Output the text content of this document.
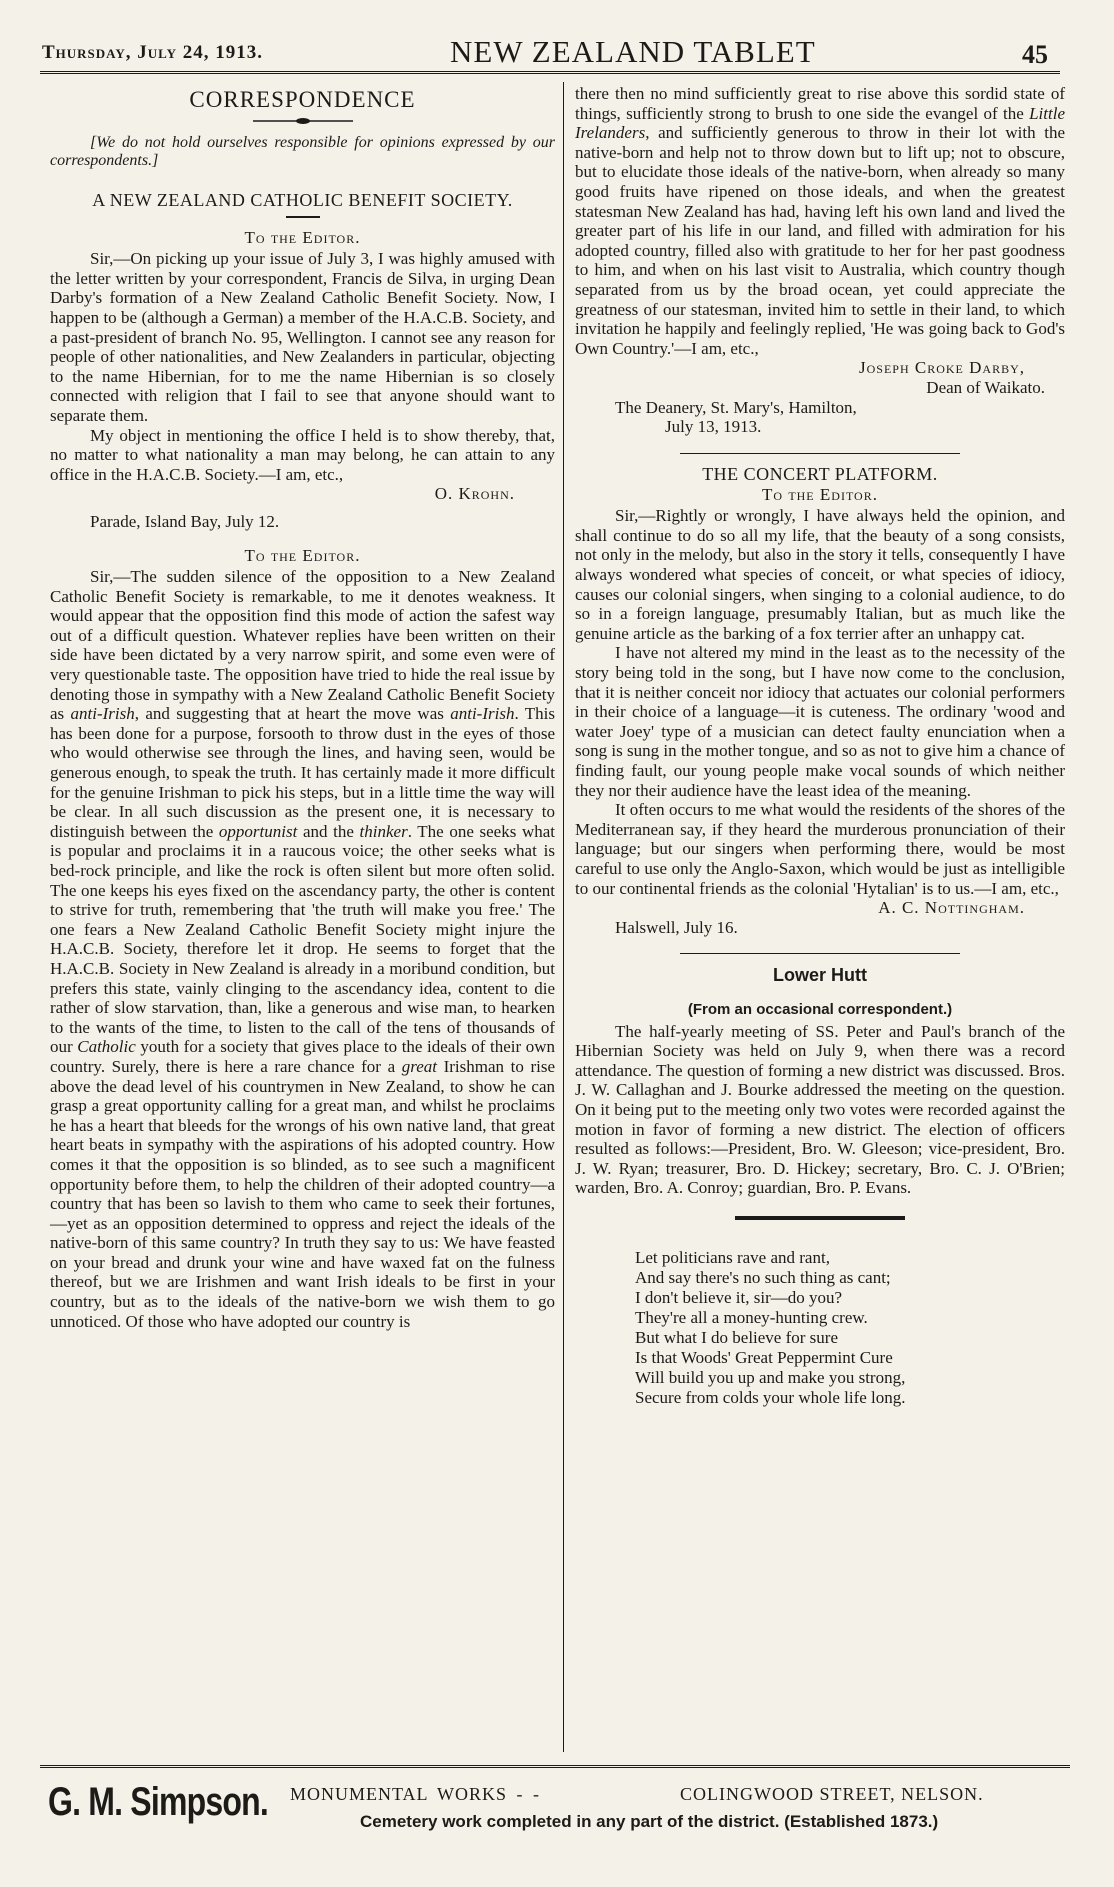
Thursday, July 24, 1913.	NEW ZEALAND TABLET	45
CORRESPONDENCE

[We do not hold ourselves responsible for opinions expressed by our correspondents.]

A NEW ZEALAND CATHOLIC BENEFIT SOCIETY.
To the Editor.

Sir,—On picking up your issue of July 3, I was highly amused with the letter written by your correspondent, Francis de Silva, in urging Dean Darby's formation of a New Zealand Catholic Benefit Society. Now, I happen to be (although a German) a member of the H.A.C.B. Society, and a past-president of branch No. 95, Wellington. I cannot see any reason for people of other nationalities, and New Zealanders in particular, objecting to the name Hibernian, for to me the name Hibernian is so closely connected with religion that I fail to see that anyone should want to separate them.

My object in mentioning the office I held is to show thereby, that, no matter to what nationality a man may belong, he can attain to any office in the H.A.C.B. Society.—I am, etc.,

O. Krohn.
Parade, Island Bay, July 12.
To the Editor.

Sir,—The sudden silence of the opposition to a New Zealand Catholic Benefit Society is remarkable, to me it denotes weakness. It would appear that the opposition find this mode of action the safest way out of a difficult question. Whatever replies have been written on their side have been dictated by a very narrow spirit, and some even were of very questionable taste. The opposition have tried to hide the real issue by denoting those in sympathy with a New Zealand Catholic Benefit Society as anti-Irish, and suggesting that at heart the move was anti-Irish. This has been done for a purpose, forsooth to throw dust in the eyes of those who would otherwise see through the lines, and having seen, would be generous enough, to speak the truth. It has certainly made it more difficult for the genuine Irishman to pick his steps, but in a little time the way will be clear. In all such discussion as the present one, it is necessary to distinguish between the opportunist and the thinker. The one seeks what is popular and proclaims it in a raucous voice; the other seeks what is bed-rock principle, and like the rock is often silent but more often solid. The one keeps his eyes fixed on the ascendancy party, the other is content to strive for truth, remembering that 'the truth will make you free.' The one fears a New Zealand Catholic Benefit Society might injure the H.A.C.B. Society, therefore let it drop. He seems to forget that the H.A.C.B. Society in New Zealand is already in a moribund condition, but prefers this state, vainly clinging to the ascendancy idea, content to die rather of slow starvation, than, like a generous and wise man, to hearken to the wants of the time, to listen to the call of the tens of thousands of our Catholic youth for a society that gives place to the ideals of their own country. Surely, there is here a rare chance for a great Irishman to rise above the dead level of his countrymen in New Zealand, to show he can grasp a great opportunity calling for a great man, and whilst he proclaims he has a heart that bleeds for the wrongs of his own native land, that great heart beats in sympathy with the aspirations of his adopted country. How comes it that the opposition is so blinded, as to see such a magnificent opportunity before them, to help the children of their adopted country—a country that has been so lavish to them who came to seek their fortunes,—yet as an opposition determined to oppress and reject the ideals of the native-born of this same country? In truth they say to us: We have feasted on your bread and drunk your wine and have waxed fat on the fulness thereof, but we are Irishmen and want Irish ideals to be first in your country, but as to the ideals of the native-born we wish them to go unnoticed. Of those who have adopted our country is

there then no mind sufficiently great to rise above this sordid state of things, sufficiently strong to brush to one side the evangel of the Little Irelanders, and sufficiently generous to throw in their lot with the native-born and help not to throw down but to lift up; not to obscure, but to elucidate those ideals of the native-born, when already so many good fruits have ripened on those ideals, and when the greatest statesman New Zealand has had, having left his own land and lived the greater part of his life in our land, and filled with admiration for his adopted country, filled also with gratitude to her for her past goodness to him, and when on his last visit to Australia, which country though separated from us by the broad ocean, yet could appreciate the greatness of our statesman, invited him to settle in their land, to which invitation he happily and feelingly replied, 'He was going back to God's Own Country.'—I am, etc.,

Joseph Croke Darby,
Dean of Waikato.
The Deanery, St. Mary's, Hamilton,
July 13, 1913.
THE CONCERT PLATFORM.
To the Editor.

Sir,—Rightly or wrongly, I have always held the opinion, and shall continue to do so all my life, that the beauty of a song consists, not only in the melody, but also in the story it tells, consequently I have always wondered what species of conceit, or what species of idiocy, causes our colonial singers, when singing to a colonial audience, to do so in a foreign language, presumably Italian, but as much like the genuine article as the barking of a fox terrier after an unhappy cat.

I have not altered my mind in the least as to the necessity of the story being told in the song, but I have now come to the conclusion, that it is neither conceit nor idiocy that actuates our colonial performers in their choice of a language—it is cuteness. The ordinary 'wood and water Joey' type of a musician can detect faulty enunciation when a song is sung in the mother tongue, and so as not to give him a chance of finding fault, our young people make vocal sounds of which neither they nor their audience have the least idea of the meaning.

It often occurs to me what would the residents of the shores of the Mediterranean say, if they heard the murderous pronunciation of their language; but our singers when performing there, would be most careful to use only the Anglo-Saxon, which would be just as intelligible to our continental friends as the colonial 'Hytalian' is to us.—I am, etc.,

A. C. Nottingham.
Halswell, July 16.
Lower Hutt
(From an occasional correspondent.)

The half-yearly meeting of SS. Peter and Paul's branch of the Hibernian Society was held on July 9, when there was a record attendance. The question of forming a new district was discussed. Bros. J. W. Callaghan and J. Bourke addressed the meeting on the question. On it being put to the meeting only two votes were recorded against the motion in favor of forming a new district. The election of officers resulted as follows:—President, Bro. W. Gleeson; vice-president, Bro. J. W. Ryan; treasurer, Bro. D. Hickey; secretary, Bro. C. J. O'Brien; warden, Bro. A. Conroy; guardian, Bro. P. Evans.

Let politicians rave and rant,
And say there's no such thing as cant;
I don't believe it, sir—do you?
They're all a money-hunting crew.
But what I do believe for sure
Is that Woods' Great Peppermint Cure
Will build you up and make you strong,
Secure from colds your whole life long.
G. M. Simpson. MONUMENTAL WORKS - -	COLINGWOOD STREET, NELSON.
Cemetery work completed in any part of the district. (Established 1873.)
